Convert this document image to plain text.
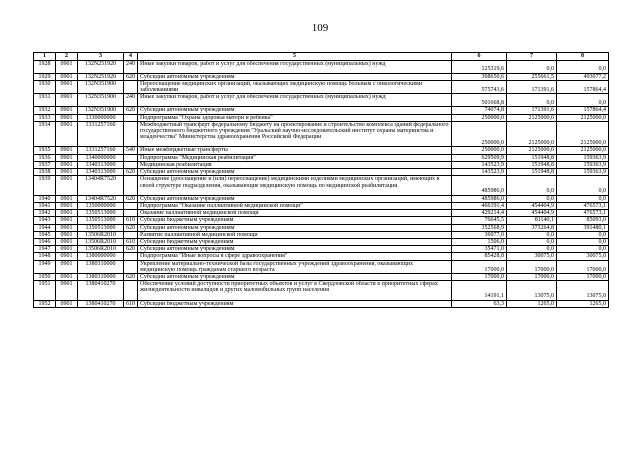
109
1	2	3	4	5	6	7	8
1928	0901	132N251920	240	Иные закупки товаров, работ и услуг для обеспечения государственных (муниципальных) нужд	125319,6	0,0	0,0
1929	0901	132N251920	620	Субсидии автономным учреждениям	308650,6	255661,5	493077,2
1930	0901	132N351900		Переоснащение медицинских организаций, оказывающих медицинскую помощь больным с онкологическими заболеваниями	575743,6	171391,6	157864,4
1931	0901	132N351900	240	Иные закупки товаров, работ и услуг для обеспечения государственных (муниципальных) нужд	501668,8	0,0	0,0
1932	0901	132N351900	620	Субсидии автономным учреждениям	74074,8	171391,6	157864,4
1933	0901	1330000000		Подпрограмма "Охрана здоровья матери и ребенка"	250000,0	2125000,0	2125000,0
1934	0901	1331257160		Межбюджетный трансферт федеральному бюджету на проектирование и строительство комплекса зданий федерального государственного бюджетного учреждения "Уральский научно-исследовательский институт охраны материнства и младенчества" Министерства здравоохранения Российской Федерации	250000,0	2125000,0	2125000,0
1935	0901	1331257160	540	Иные межбюджетные трансферты	250000,0	2125000,0	2125000,0
1936	0901	1340000000		Подпрограмма "Медицинская реабилитация"	629509,9	151948,8	159363,9
1937	0901	1340313000		Медицинская реабилитация	143523,9	151948,8	159363,9
1938	0901	1340313000	620	Субсидии автономным учреждениям	143523,9	151948,8	159363,9
1939	0901	13404R7520		Оснащение (дооснащение и (или) переоснащение) медицинскими изделиями медицинских организаций, имеющих в своей структуре подразделения, оказывающие медицинскую помощь по медицинской реабилитации	485986,0	0,0	0,0
1940	0901	13404R7520	620	Субсидии автономным учреждениям	485986,0	0,0	0,0
1941	0901	1350000000		Подпрограмма "Оказание паллиативной медицинской помощи"	466191,4	454404,9	476573,1
1942	0901	1350513000		Оказание паллиативной медицинской помощи	429214,4	454404,9	476573,1
1943	0901	1350513000	610	Субсидии бюджетным учреждениям	76645,5	81140,1	85093,0
1944	0901	1350513000	620	Субсидии автономным учреждениям	352568,9	373264,8	391480,1
1945	0901	13506R2010		Развитие паллиативной медицинской помощи	36977,0	0,0	0,0
1946	0901	13506R2010	610	Субсидии бюджетным учреждениям	1506,0	0,0	0,0
1947	0901	13506R2010	620	Субсидии автономным учреждениям	35471,0	0,0	0,0
1948	0901	1380000000		Подпрограмма "Иные вопросы в сфере здравоохранения"	85428,8	30075,0	30075,0
1949	0901	1380310000		Укрепление материально-технической базы государственных учреждений здравоохранения, оказывающих медицинскую помощь гражданам старшего возраста	17000,0	17000,0	17000,0
1950	0901	1380310000	620	Субсидии автономным учреждениям	17000,0	17000,0	17000,0
1951	0901	1380410270		Обеспечение условий доступности приоритетных объектов и услуг в Свердловской области в приоритетных сферах жизнедеятельности инвалидов и других маломобильных групп населения	14191,1	13075,0	13075,0
1952	0901	1380410270	610	Субсидии бюджетным учреждениям	63,3	1265,0	1265,0
